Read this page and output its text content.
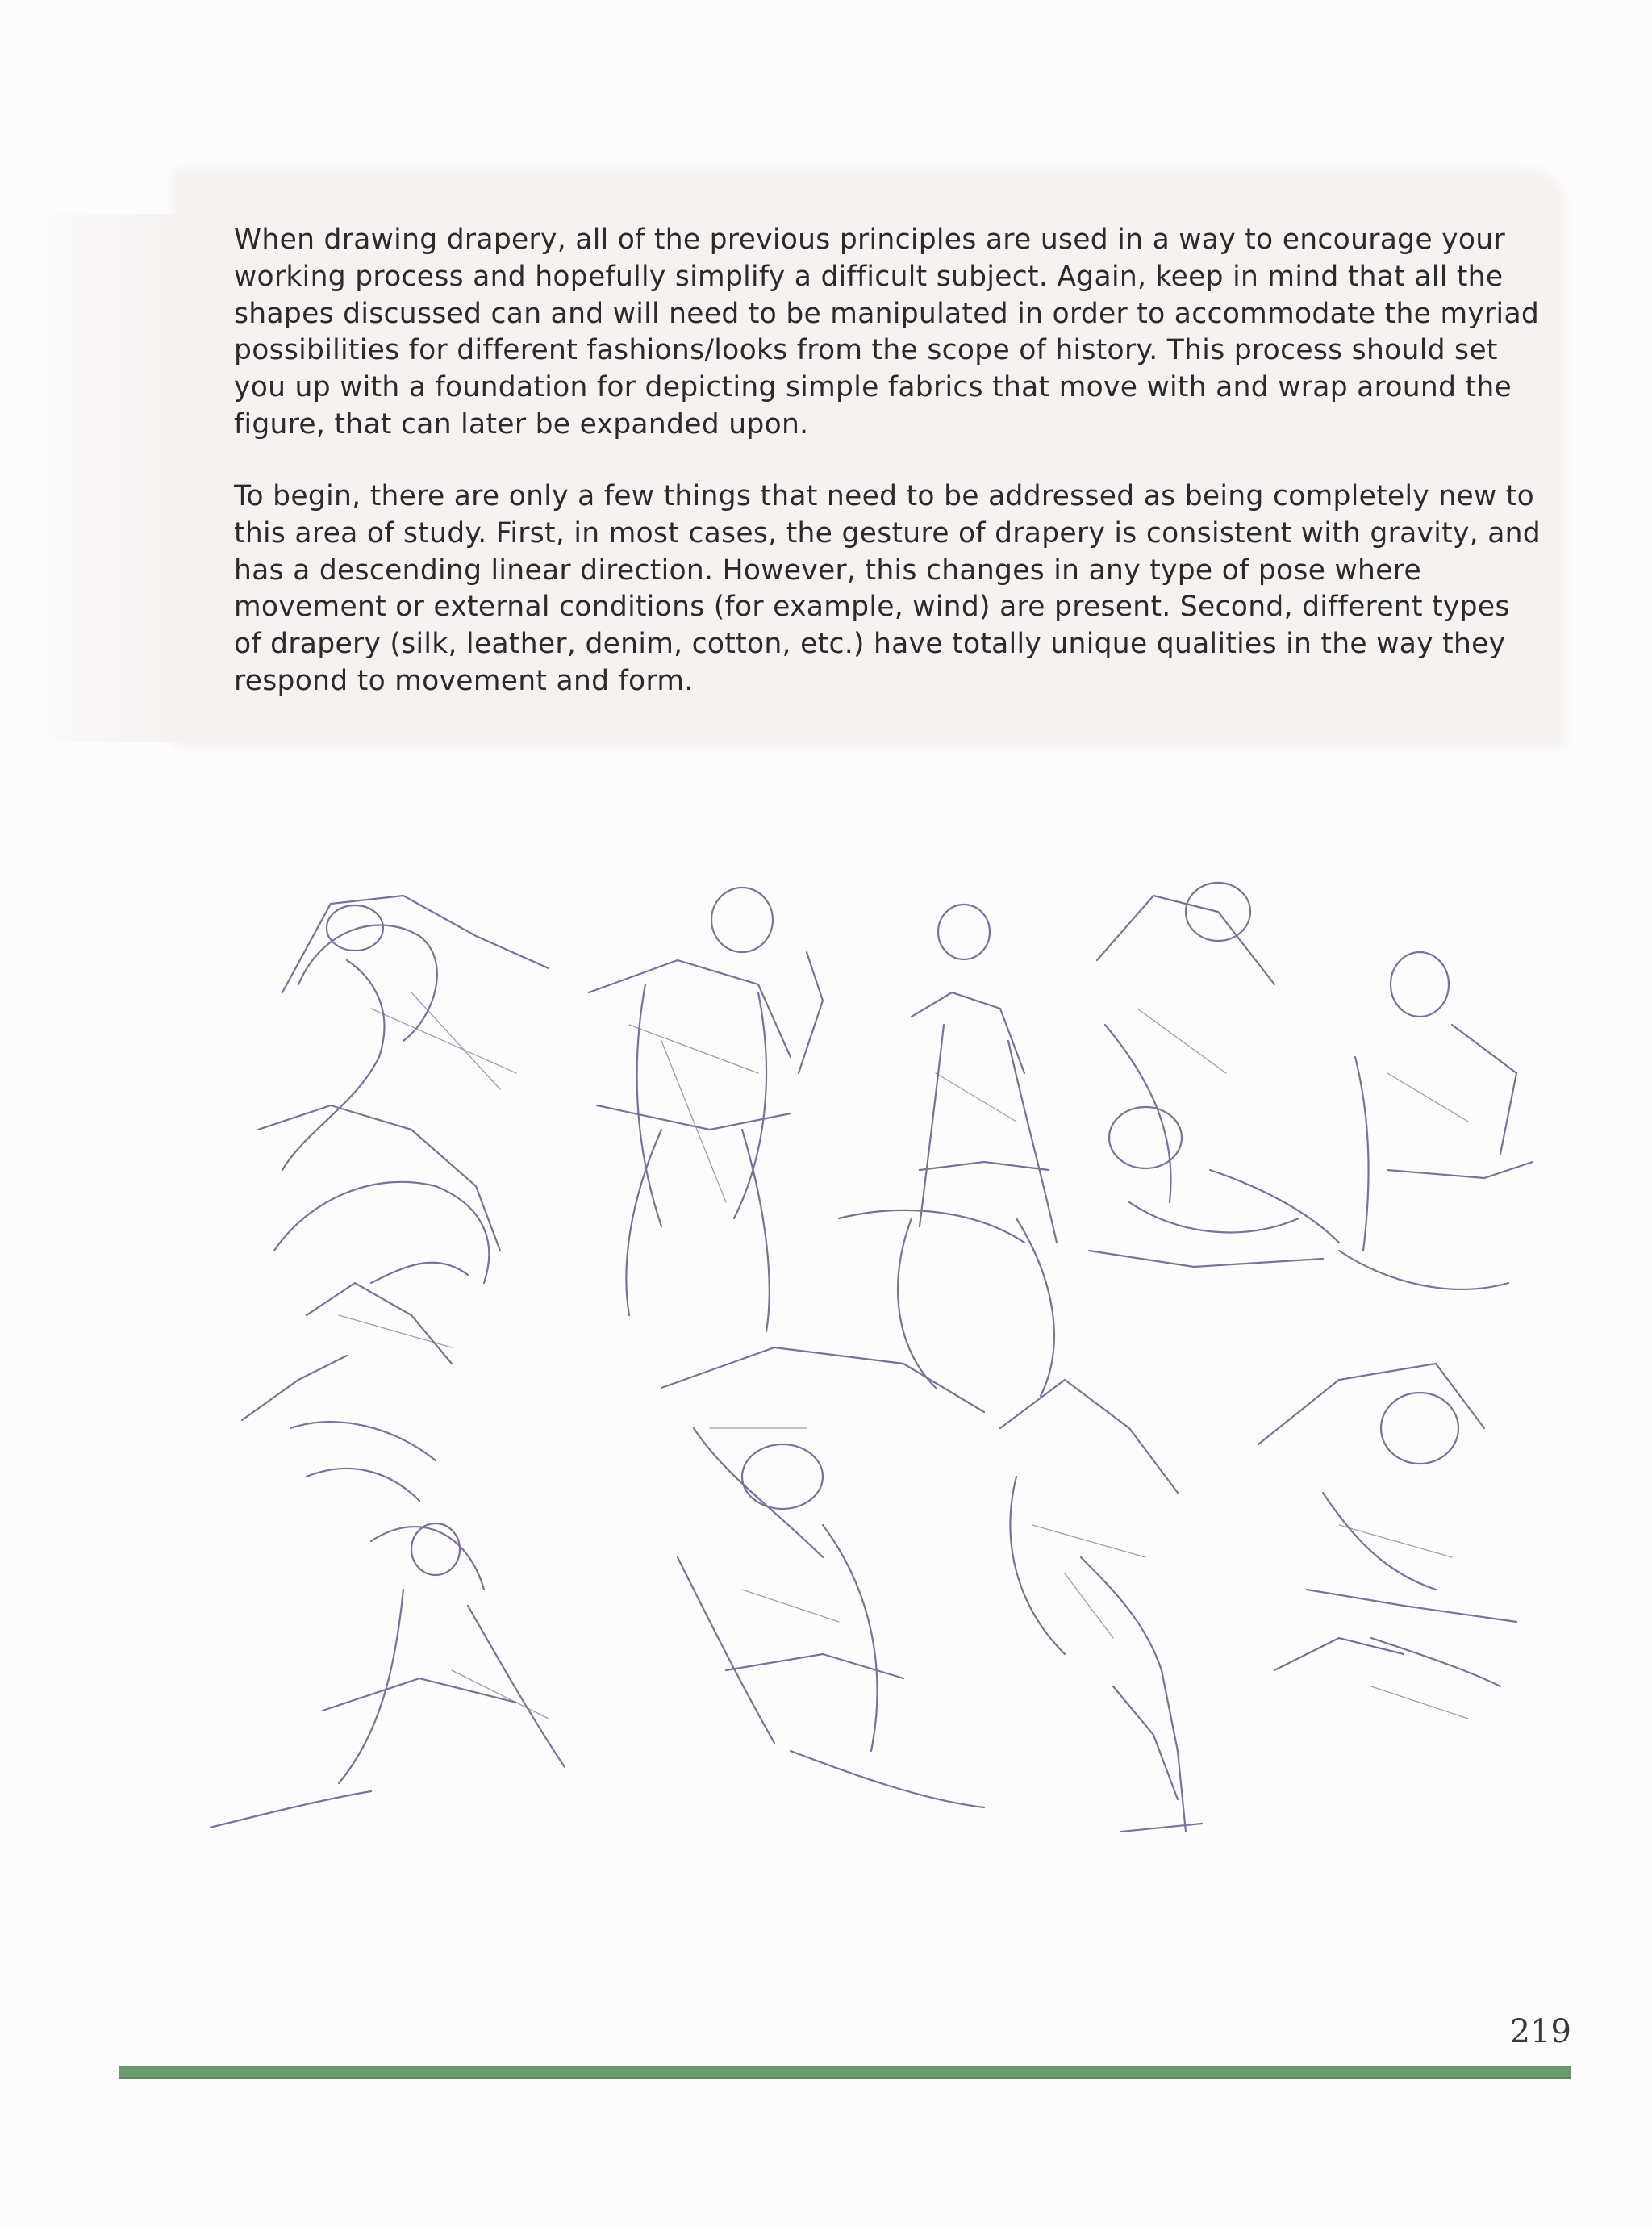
When drawing drapery, all of the previous principles are used in a way to encourage your working process and hopefully simplify a difficult subject. Again, keep in mind that all the shapes discussed can and will need to be manipulated in order to accommodate the myriad possibilities for different fashions/looks from the scope of history. This process should set you up with a foundation for depicting simple fabrics that move with and wrap around the figure, that can later be expanded upon.

To begin, there are only a few things that need to be addressed as being completely new to this area of study. First, in most cases, the gesture of drapery is consistent with gravity, and has a descending linear direction. However, this changes in any type of pose where movement or external conditions (for example, wind) are present. Second, different types of drapery (silk, leather, denim, cotton, etc.) have totally unique qualities in the way they respond to movement and form.

219
